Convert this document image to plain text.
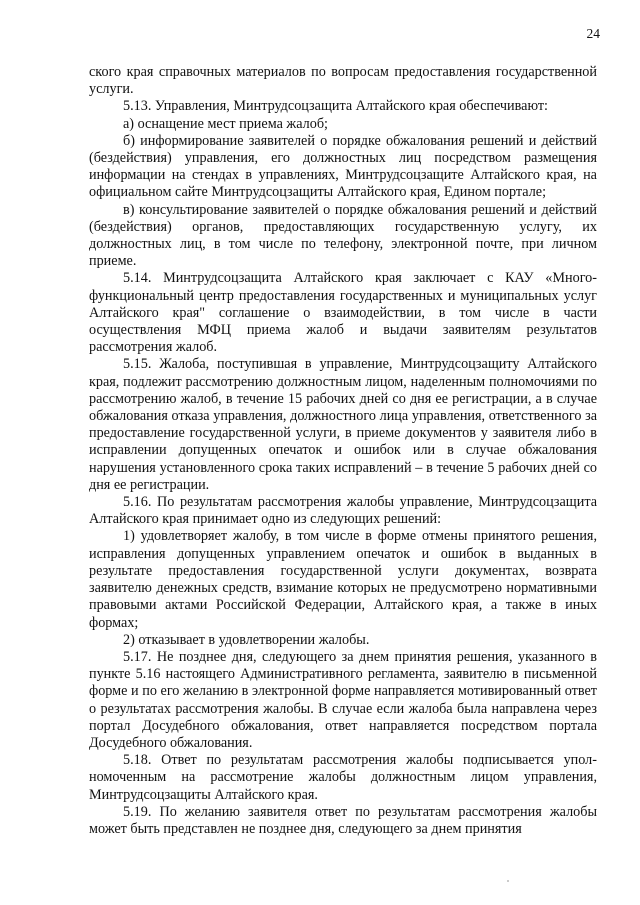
24

ского края справочных материалов по вопросам предоставления государственной услуги.

5.13. Управления, Минтрудсоцзащита Алтайского края обеспечивают:

а) оснащение мест приема жалоб;

б) информирование заявителей о порядке обжалования решений и действий (бездействия) управления, его должностных лиц посредством размещения информации на стендах в управлениях, Минтрудсоцзащите Алтайского края, на официальном сайте Минтрудсоцзащиты Алтайского края, Едином портале;

в) консультирование заявителей о порядке обжалования решений и действий (бездействия) органов, предоставляющих государственную услугу, их должностных лиц, в том числе по телефону, электронной почте, при личном приеме.

5.14. Минтрудсоцзащита Алтайского края заключает с КАУ «Многофункциональный центр предоставления государственных и муниципальных услуг Алтайского края" соглашение о взаимодействии, в том числе в части осуществления МФЦ приема жалоб и выдачи заявителям результатов рассмотрения жалоб.

5.15. Жалоба, поступившая в управление, Минтрудсоцзащиту Алтайского края, подлежит рассмотрению должностным лицом, наделенным полномочиями по рассмотрению жалоб, в течение 15 рабочих дней со дня ее регистрации, а в случае обжалования отказа управления, должностного лица управления, ответственного за предоставление государственной услуги, в приеме документов у заявителя либо в исправлении допущенных опечаток и ошибок или в случае обжалования нарушения установленного срока таких исправлений – в течение 5 рабочих дней со дня ее регистрации.

5.16. По результатам рассмотрения жалобы управление, Минтрудсоцзащита Алтайского края принимает одно из следующих решений:

1) удовлетворяет жалобу, в том числе в форме отмены принятого решения, исправления допущенных управлением опечаток и ошибок в выданных в результате предоставления государственной услуги документах, возврата заявителю денежных средств, взимание которых не предусмотрено нормативными правовыми актами Российской Федерации, Алтайского края, а также в иных формах;

2) отказывает в удовлетворении жалобы.

5.17. Не позднее дня, следующего за днем принятия решения, указанного в пункте 5.16 настоящего Административного регламента, заявителю в письменной форме и по его желанию в электронной форме направляется мотивированный ответ о результатах рассмотрения жалобы. В случае если жалоба была направлена через портал Досудебного обжалования, ответ направляется посредством портала Досудебного обжалования.

5.18. Ответ по результатам рассмотрения жалобы подписывается уполномоченным на рассмотрение жалобы должностным лицом управления, Минтрудсоцзащиты Алтайского края.

5.19. По желанию заявителя ответ по результатам рассмотрения жалобы может быть представлен не позднее дня, следующего за днем принятия
